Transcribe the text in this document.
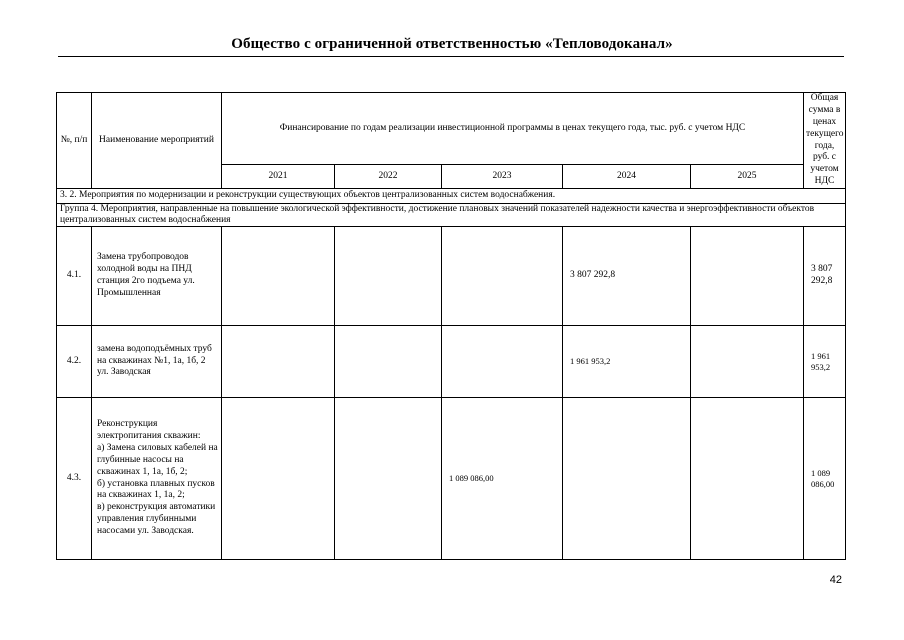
Общество с ограниченной ответственностью «Тепловодоканал»
№, п/п	Наименование мероприятий	Финансирование по годам реализации инвестиционной программы в ценах текущего года, тыс. руб. с учетом НДС					Общая сумма в ценах текущего года, руб. с учетом НДС
		2021	2022	2023	2024	2025	
3. 2. Мероприятия по модернизации и реконструкции существующих объектов централизованных систем водоснабжения.							
Группа 4. Мероприятия, направленные на повышение экологической эффективности, достижение плановых значений показателей надежности качества и энергоэффективности объектов централизованных систем водоснабжения							
4.1.	Замена трубопроводов холодной воды на ПНД станция 2го подъема ул. Промышленная				3 807 292,8		3 807 292,8
4.2.	замена водоподъёмных труб на скважинах №1, 1а, 1б, 2 ул. Заводская				1 961 953,2		1 961 953,2
4.3.	Реконструкция электропитания скважин:
а) Замена силовых кабелей на глубинные насосы на скважинах 1, 1а, 1б, 2;
б) установка плавных пусков на скважинах 1, 1а, 2;
в) реконструкция автоматики управления глубинными насосами ул. Заводская.			1 089 086,00			1 089 086,00
42
